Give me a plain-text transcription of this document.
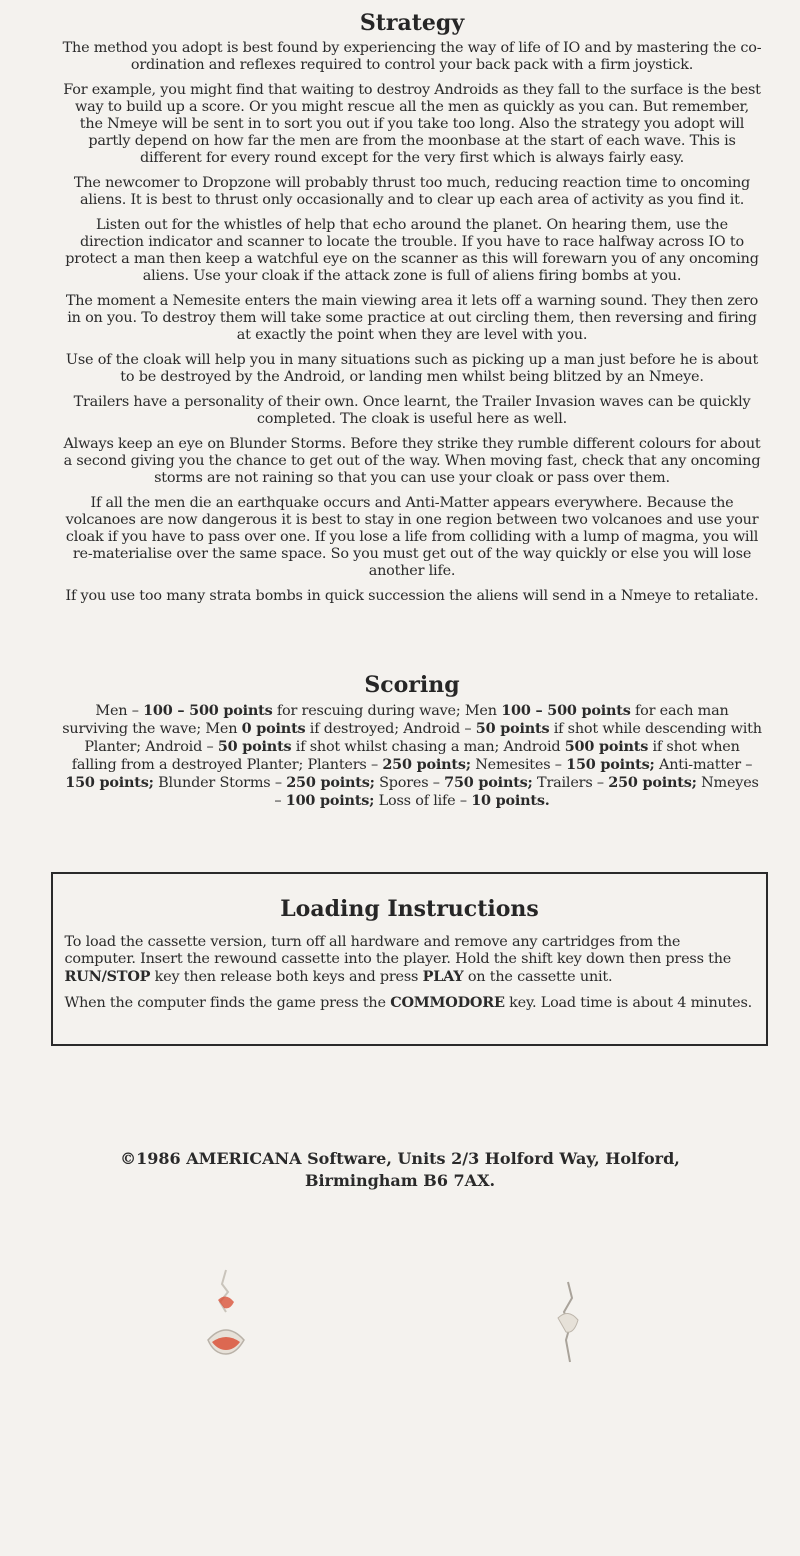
Strategy

The method you adopt is best found by experiencing the way of life of IO and by mastering the co-ordination and reflexes required to control your back pack with a firm joystick.

For example, you might find that waiting to destroy Androids as they fall to the surface is the best way to build up a score. Or you might rescue all the men as quickly as you can. But remember, the Nmeye will be sent in to sort you out if you take too long. Also the strategy you adopt will partly depend on how far the men are from the moonbase at the start of each wave. This is different for every round except for the very first which is always fairly easy.

The newcomer to Dropzone will probably thrust too much, reducing reaction time to oncoming aliens. It is best to thrust only occasionally and to clear up each area of activity as you find it.

Listen out for the whistles of help that echo around the planet. On hearing them, use the direction indicator and scanner to locate the trouble. If you have to race halfway across IO to protect a man then keep a watchful eye on the scanner as this will forewarn you of any oncoming aliens. Use your cloak if the attack zone is full of aliens firing bombs at you.

The moment a Nemesite enters the main viewing area it lets off a warning sound. They then zero in on you. To destroy them will take some practice at out circling them, then reversing and firing at exactly the point when they are level with you.

Use of the cloak will help you in many situations such as picking up a man just before he is about to be destroyed by the Android, or landing men whilst being blitzed by an Nmeye.

Trailers have a personality of their own. Once learnt, the Trailer Invasion waves can be quickly completed. The cloak is useful here as well.

Always keep an eye on Blunder Storms. Before they strike they rumble different colours for about a second giving you the chance to get out of the way. When moving fast, check that any oncoming storms are not raining so that you can use your cloak or pass over them.

If all the men die an earthquake occurs and Anti-Matter appears everywhere. Because the volcanoes are now dangerous it is best to stay in one region between two volcanoes and use your cloak if you have to pass over one. If you lose a life from colliding with a lump of magma, you will re-materialise over the same space. So you must get out of the way quickly or else you will lose another life.

If you use too many strata bombs in quick succession the aliens will send in a Nmeye to retaliate.

Scoring

Men – 100 – 500 points for rescuing during wave; Men 100 – 500 points for each man surviving the wave; Men 0 points if destroyed; Android – 50 points if shot while descending with Planter; Android – 50 points if shot whilst chasing a man; Android 500 points if shot when falling from a destroyed Planter; Planters – 250 points; Nemesites – 150 points; Anti-matter – 150 points; Blunder Storms – 250 points; Spores – 750 points; Trailers – 250 points; Nmeyes – 100 points; Loss of life – 10 points.

Loading Instructions

To load the cassette version, turn off all hardware and remove any cartridges from the computer. Insert the rewound cassette into the player. Hold the shift key down then press the RUN/STOP key then release both keys and press PLAY on the cassette unit.

When the computer finds the game press the COMMODORE key. Load time is about 4 minutes.

©1986 AMERICANA Software, Units 2/3 Holford Way, Holford,
Birmingham B6 7AX.
